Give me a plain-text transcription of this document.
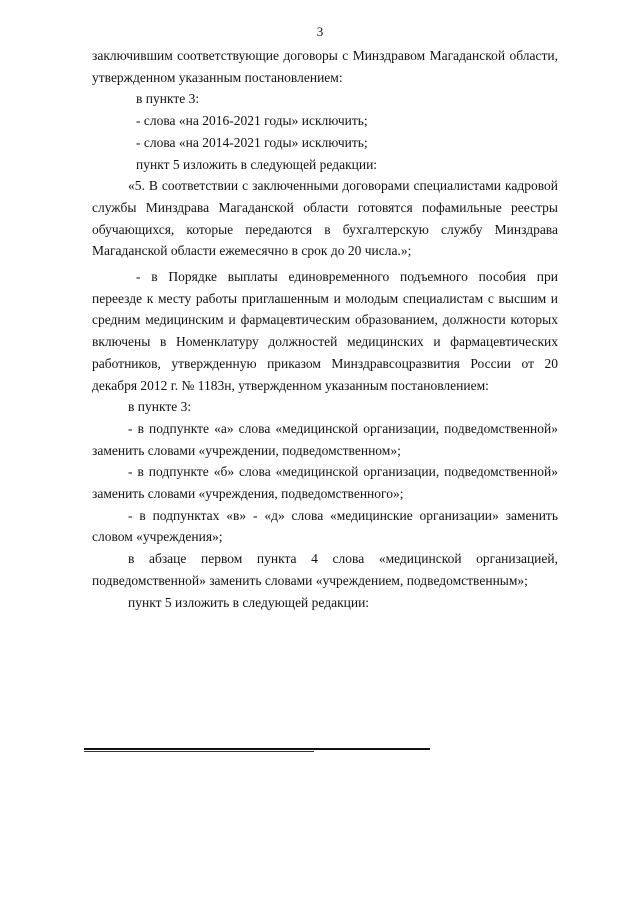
3

заключившим соответствующие договоры с Минздравом Магаданской области, утвержденном указанным постановлением:

в пункте 3:

- слова «на 2016-2021 годы» исключить;

- слова «на 2014-2021 годы» исключить;

пункт 5 изложить в следующей редакции:

«5. В соответствии с заключенными договорами специалистами кадровой службы Минздрава Магаданской области готовятся пофамильные реестры обучающихся, которые передаются в бухгалтерскую службу Минздрава Магаданской области ежемесячно в срок до 20 числа.»;

- в Порядке выплаты единовременного подъемного пособия при переезде к месту работы приглашенным и молодым специалистам с высшим и средним медицинским и фармацевтическим образованием, должности которых включены в Номенклатуру должностей медицинских и фармацевтических работников, утвержденную приказом Минздравсоцразвития России от 20 декабря 2012 г. № 1183н, утвержденном указанным постановлением:

в пункте 3:

- в подпункте «а» слова «медицинской организации, подведомственной» заменить словами «учреждении, подведомственном»;

- в подпункте «б» слова «медицинской организации, подведомственной» заменить словами «учреждения, подведомственного»;

- в подпунктах «в» - «д» слова «медицинские организации» заменить словом «учреждения»;

в абзаце первом пункта 4 слова «медицинской организацией, подведомственной» заменить словами «учреждением, подведомственным»;

пункт 5 изложить в следующей редакции:
